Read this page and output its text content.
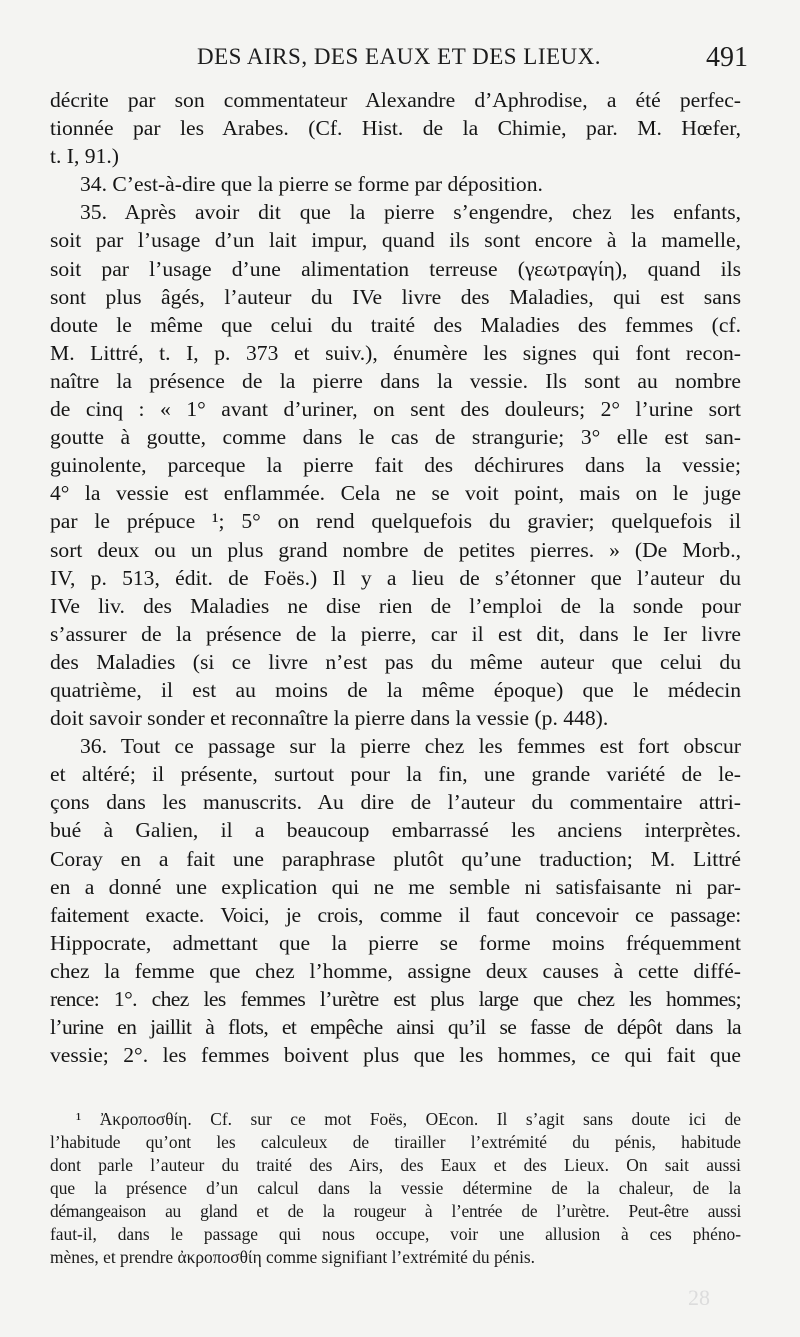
DES AIRS, DES EAUX ET DES LIEUX.	491
décrite par son commentateur Alexandre d’Aphrodise, a été perfec-
tionnée par les Arabes. (Cf. Hist. de la Chimie, par. M. Hœfer,
t. I, 91.)
34. C’est-à-dire que la pierre se forme par déposition.
35. Après avoir dit que la pierre s’engendre, chez les enfants,
soit par l’usage d’un lait impur, quand ils sont encore à la mamelle,
soit par l’usage d’une alimentation terreuse (γεωτραγίη), quand ils
sont plus âgés, l’auteur du IVe livre des Maladies, qui est sans
doute le même que celui du traité des Maladies des femmes (cf.
M. Littré, t. I, p. 373 et suiv.), énumère les signes qui font recon-
naître la présence de la pierre dans la vessie. Ils sont au nombre
de cinq : « 1° avant d’uriner, on sent des douleurs; 2° l’urine sort
goutte à goutte, comme dans le cas de strangurie; 3° elle est san-
guinolente, parceque la pierre fait des déchirures dans la vessie;
4° la vessie est enflammée. Cela ne se voit point, mais on le juge
par le prépuce ¹; 5° on rend quelquefois du gravier; quelquefois il
sort deux ou un plus grand nombre de petites pierres. » (De Morb.,
IV, p. 513, édit. de Foës.) Il y a lieu de s’étonner que l’auteur du
IVe liv. des Maladies ne dise rien de l’emploi de la sonde pour
s’assurer de la présence de la pierre, car il est dit, dans le Ier livre
des Maladies (si ce livre n’est pas du même auteur que celui du
quatrième, il est au moins de la même époque) que le médecin
doit savoir sonder et reconnaître la pierre dans la vessie (p. 448).
36. Tout ce passage sur la pierre chez les femmes est fort obscur
et altéré; il présente, surtout pour la fin, une grande variété de le-
çons dans les manuscrits. Au dire de l’auteur du commentaire attri-
bué à Galien, il a beaucoup embarrassé les anciens interprètes.
Coray en a fait une paraphrase plutôt qu’une traduction; M. Littré
en a donné une explication qui ne me semble ni satisfaisante ni par-
faitement exacte. Voici, je crois, comme il faut concevoir ce passage:
Hippocrate, admettant que la pierre se forme moins fréquemment
chez la femme que chez l’homme, assigne deux causes à cette diffé-
rence: 1°. chez les femmes l’urètre est plus large que chez les hommes;
l’urine en jaillit à flots, et empêche ainsi qu’il se fasse de dépôt dans la
vessie; 2°. les femmes boivent plus que les hommes, ce qui fait que
¹ Ἀκροποσθίη. Cf. sur ce mot Foës, OEcon. Il s’agit sans doute ici de
l’habitude qu’ont les calculeux de tirailler l’extrémité du pénis, habitude
dont parle l’auteur du traité des Airs, des Eaux et des Lieux. On sait aussi
que la présence d’un calcul dans la vessie détermine de la chaleur, de la
démangeaison au gland et de la rougeur à l’entrée de l’urètre. Peut-être aussi
faut-il, dans le passage qui nous occupe, voir une allusion à ces phéno-
mènes, et prendre ἀκροποσθίη comme signifiant l’extrémité du pénis.
28
